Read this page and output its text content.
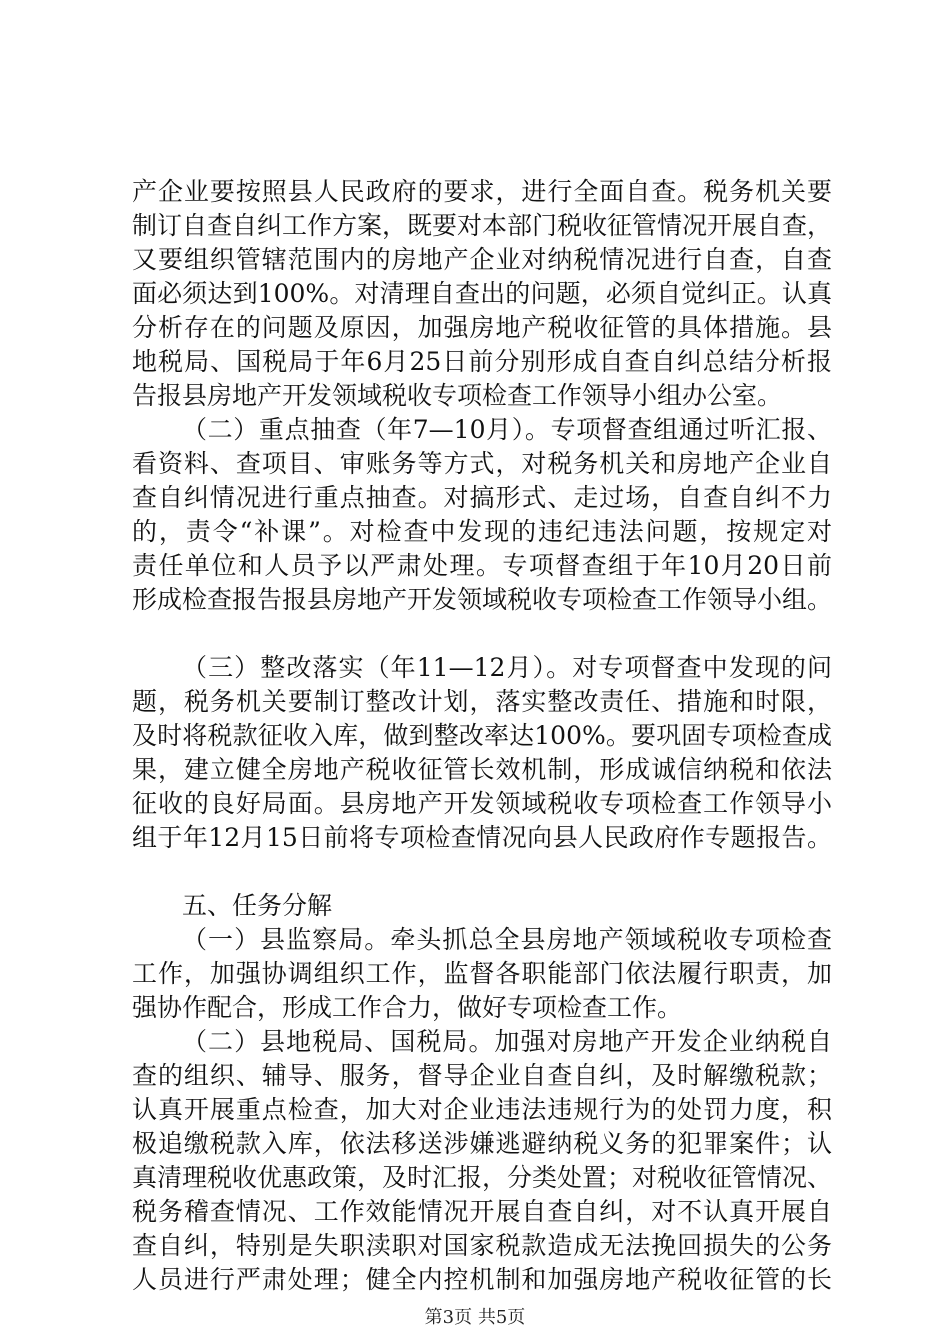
产企业要按照县人民政府的要求，进行全面自查。税务机关要
制订自查自纠工作方案，既要对本部门税收征管情况开展自查，
又要组织管辖范围内的房地产企业对纳税情况进行自查，自查
面必须达到100%。对清理自查出的问题，必须自觉纠正。认真
分析存在的问题及原因，加强房地产税收征管的具体措施。县
地税局、国税局于年6月25日前分别形成自查自纠总结分析报
告报县房地产开发领域税收专项检查工作领导小组办公室。
（二）重点抽查（年7—10月）。专项督查组通过听汇报、
看资料、查项目、审账务等方式，对税务机关和房地产企业自
查自纠情况进行重点抽查。对搞形式、走过场，自查自纠不力
的，责令“补课”。对检查中发现的违纪违法问题，按规定对
责任单位和人员予以严肃处理。专项督查组于年10月20日前
形成检查报告报县房地产开发领域税收专项检查工作领导小组。
（三）整改落实（年11—12月）。对专项督查中发现的问
题，税务机关要制订整改计划，落实整改责任、措施和时限，
及时将税款征收入库，做到整改率达100%。要巩固专项检查成
果，建立健全房地产税收征管长效机制，形成诚信纳税和依法
征收的良好局面。县房地产开发领域税收专项检查工作领导小
组于年12月15日前将专项检查情况向县人民政府作专题报告。
五、任务分解
（一）县监察局。牵头抓总全县房地产领域税收专项检查
工作，加强协调组织工作，监督各职能部门依法履行职责，加
强协作配合，形成工作合力，做好专项检查工作。
（二）县地税局、国税局。加强对房地产开发企业纳税自
查的组织、辅导、服务，督导企业自查自纠，及时解缴税款；
认真开展重点检查，加大对企业违法违规行为的处罚力度，积
极追缴税款入库，依法移送涉嫌逃避纳税义务的犯罪案件；认
真清理税收优惠政策，及时汇报，分类处置；对税收征管情况、
税务稽查情况、工作效能情况开展自查自纠，对不认真开展自
查自纠，特别是失职渎职对国家税款造成无法挽回损失的公务
人员进行严肃处理；健全内控机制和加强房地产税收征管的长
第3页 共5页
